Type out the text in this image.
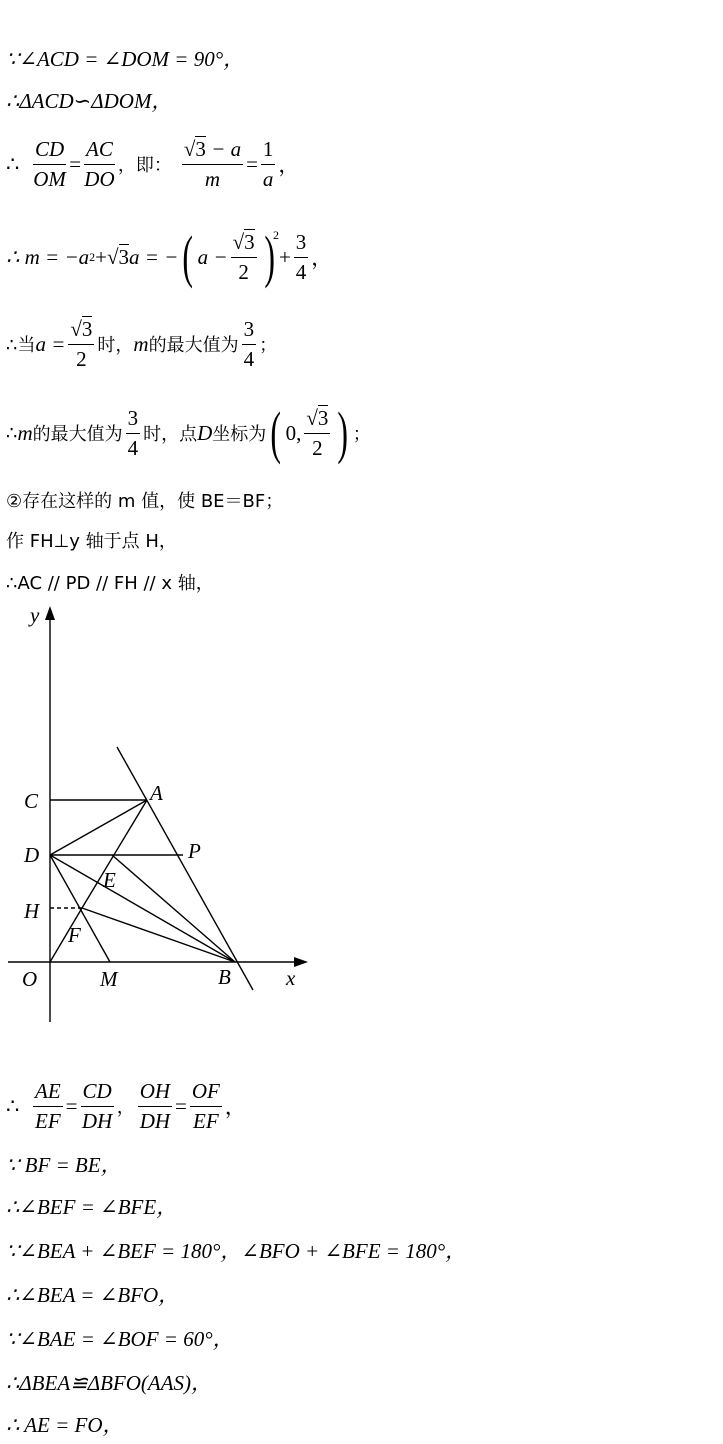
∵∠ACD = ∠DOM = 90°，
∴ΔACD∽ΔDOM，
∴ $\frac{CD}{OM} = \frac{AC}{DO}$ ，即： $\frac{√3 - a}{m} = \frac{1}{a}$ ，
∴ m = −a 2 + √ 3 a = − ( $a - \frac{√3}{2}$ )
$^2$
+ $\frac{3}{4}$ ，
∴当 $a = \frac{√3}{2}$ 时， m 的最大值为 $\frac{3}{4}$ ；
∴ m 的最大值为 $\frac{3}{4}$ 时，点 D 坐标为 ( 0, $\frac{√3}{2}$ ) ；
②存在这样的 m 值，使 BE＝BF；
作 FH⊥y 轴于点 H，
∴AC // PD // FH // x 轴，
y
x
O	M	B
C	A
D	P
E
H
F
∴ $\frac{AE}{EF} = \frac{CD}{DH}$ ， $\frac{OH}{DH} = \frac{OF}{EF}$ ，
∵ BF = BE，
∴∠BEF = ∠BFE，
∵∠BEA + ∠BEF = 180°，∠BFO + ∠BFE = 180°，
∴∠BEA = ∠BFO，
∵∠BAE = ∠BOF = 60°，
∴ΔBEA≌ΔBFO(AAS)，
∴ AE = FO，
